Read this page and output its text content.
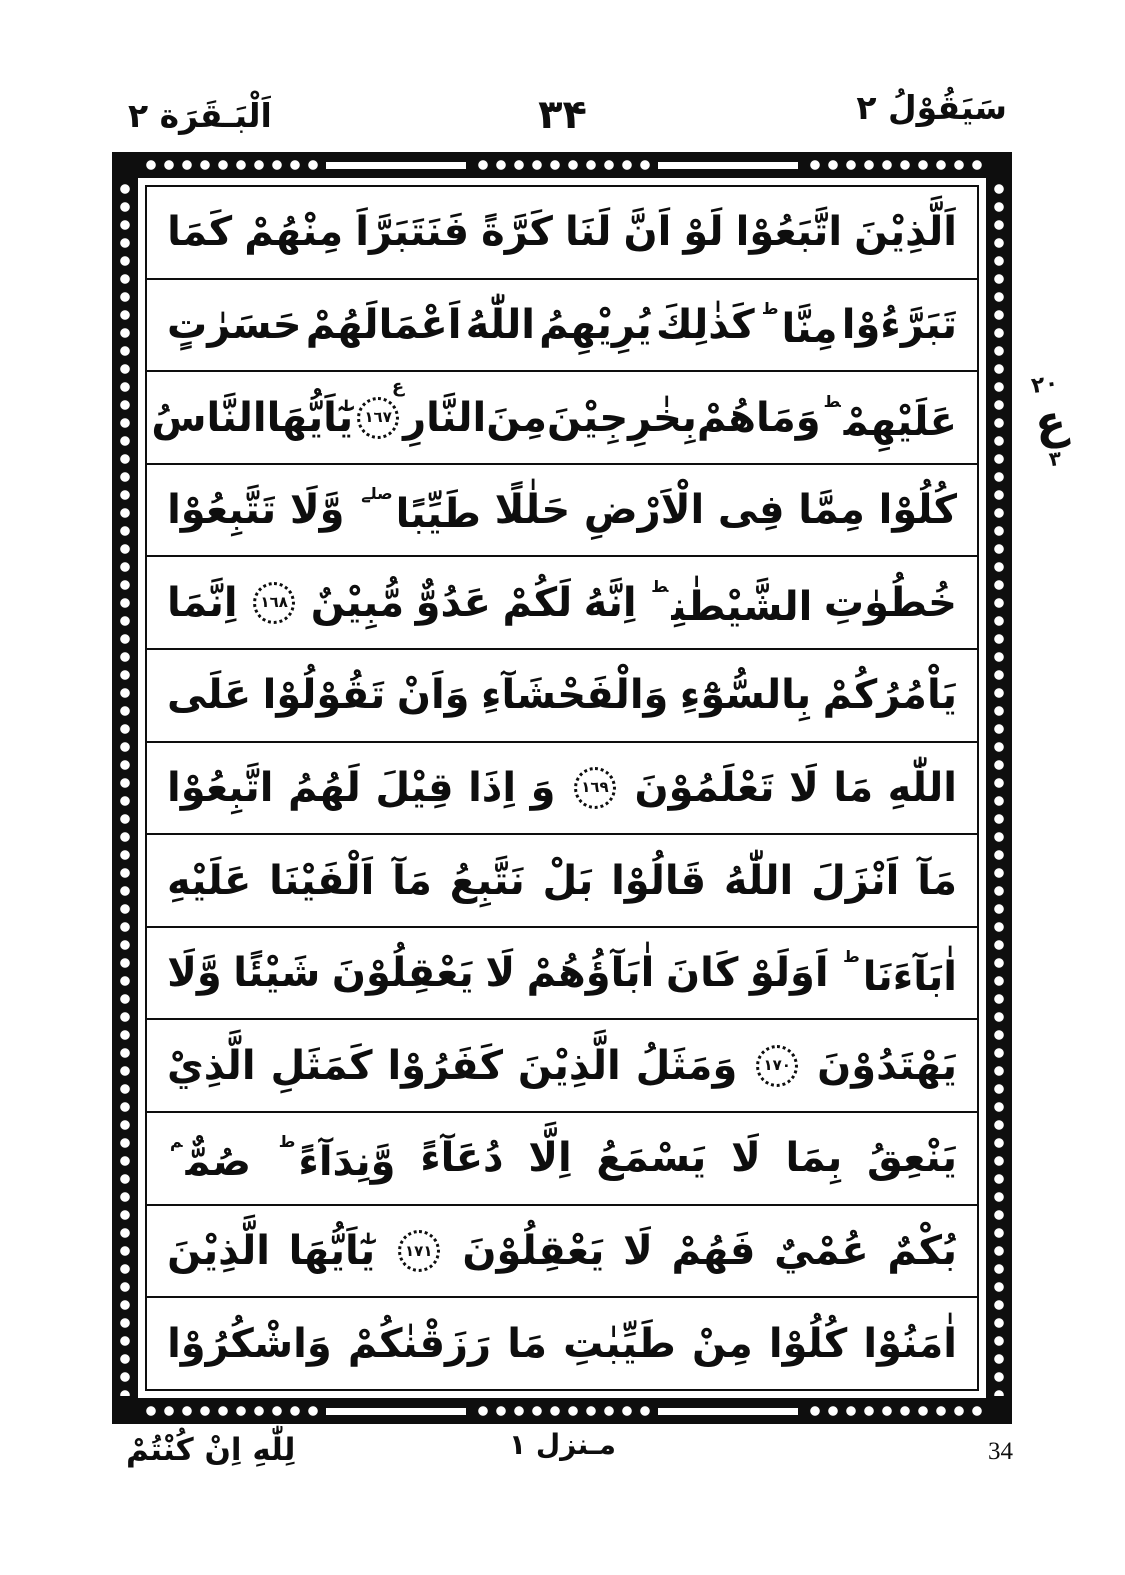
اَلْبَـقَرَة ٢	۳۴	سَيَقُوْلُ ٢
اَلَّذِيْنَ
اتَّبَعُوْا
لَوْ
اَنَّ
لَنَا
كَرَّةً
فَنَتَبَرَّاَ
مِنْهُمْ
كَمَا
تَبَرَّءُوْا
مِنَّا$^ط$
كَذٰلِكَ
يُرِيْهِمُ
اللّٰهُ
اَعْمَالَهُمْ
حَسَرٰتٍ
عَلَيْهِمْ$^ط$
وَمَا
هُمْ
بِخٰرِجِيْنَ
مِنَ
النَّارِ
١٦٧
ع
يٰٓاَيُّهَا
النَّاسُ
كُلُوْا
مِمَّا
فِى
الْاَرْضِ
حَلٰلًا
طَيِّبًا$^{صلے}$
وَّلَا
تَتَّبِعُوْا
خُطُوٰتِ
الشَّيْطٰنِ$^ط$
اِنَّهُ
لَكُمْ
عَدُوٌّ
مُّبِيْنٌ
١٦٨
اِنَّمَا
يَاْمُرُكُمْ
بِالسُّوْٓءِ
وَالْفَحْشَآءِ
وَاَنْ
تَقُوْلُوْا
عَلَى
اللّٰهِ
مَا
لَا
تَعْلَمُوْنَ
١٦٩
وَ
اِذَا
قِيْلَ
لَهُمُ
اتَّبِعُوْا
مَآ
اَنْزَلَ
اللّٰهُ
قَالُوْا
بَلْ
نَتَّبِعُ
مَآ
اَلْفَيْنَا
عَلَيْهِ
اٰبَآءَنَا$^ط$
اَوَلَوْ
كَانَ
اٰبَآؤُهُمْ
لَا
يَعْقِلُوْنَ
شَيْئًا
وَّلَا
يَهْتَدُوْنَ
١٧٠
وَمَثَلُ
الَّذِيْنَ
كَفَرُوْا
كَمَثَلِ
الَّذِيْ
يَنْعِقُ
بِمَا
لَا
يَسْمَعُ
اِلَّا
دُعَآءً
وَّنِدَآءً$^ط$
صُمٌّ$^م$
بُكْمٌ
عُمْيٌ
فَهُمْ
لَا
يَعْقِلُوْنَ
١٧١
يٰٓاَيُّهَا
الَّذِيْنَ
اٰمَنُوْا
كُلُوْا
مِنْ
طَيِّبٰتِ
مَا
رَزَقْنٰكُمْ
وَاشْكُرُوْا
٢٠
ع
٣
لِلّٰهِ اِنْ كُنْتُمْ	مـنزل ١	34
